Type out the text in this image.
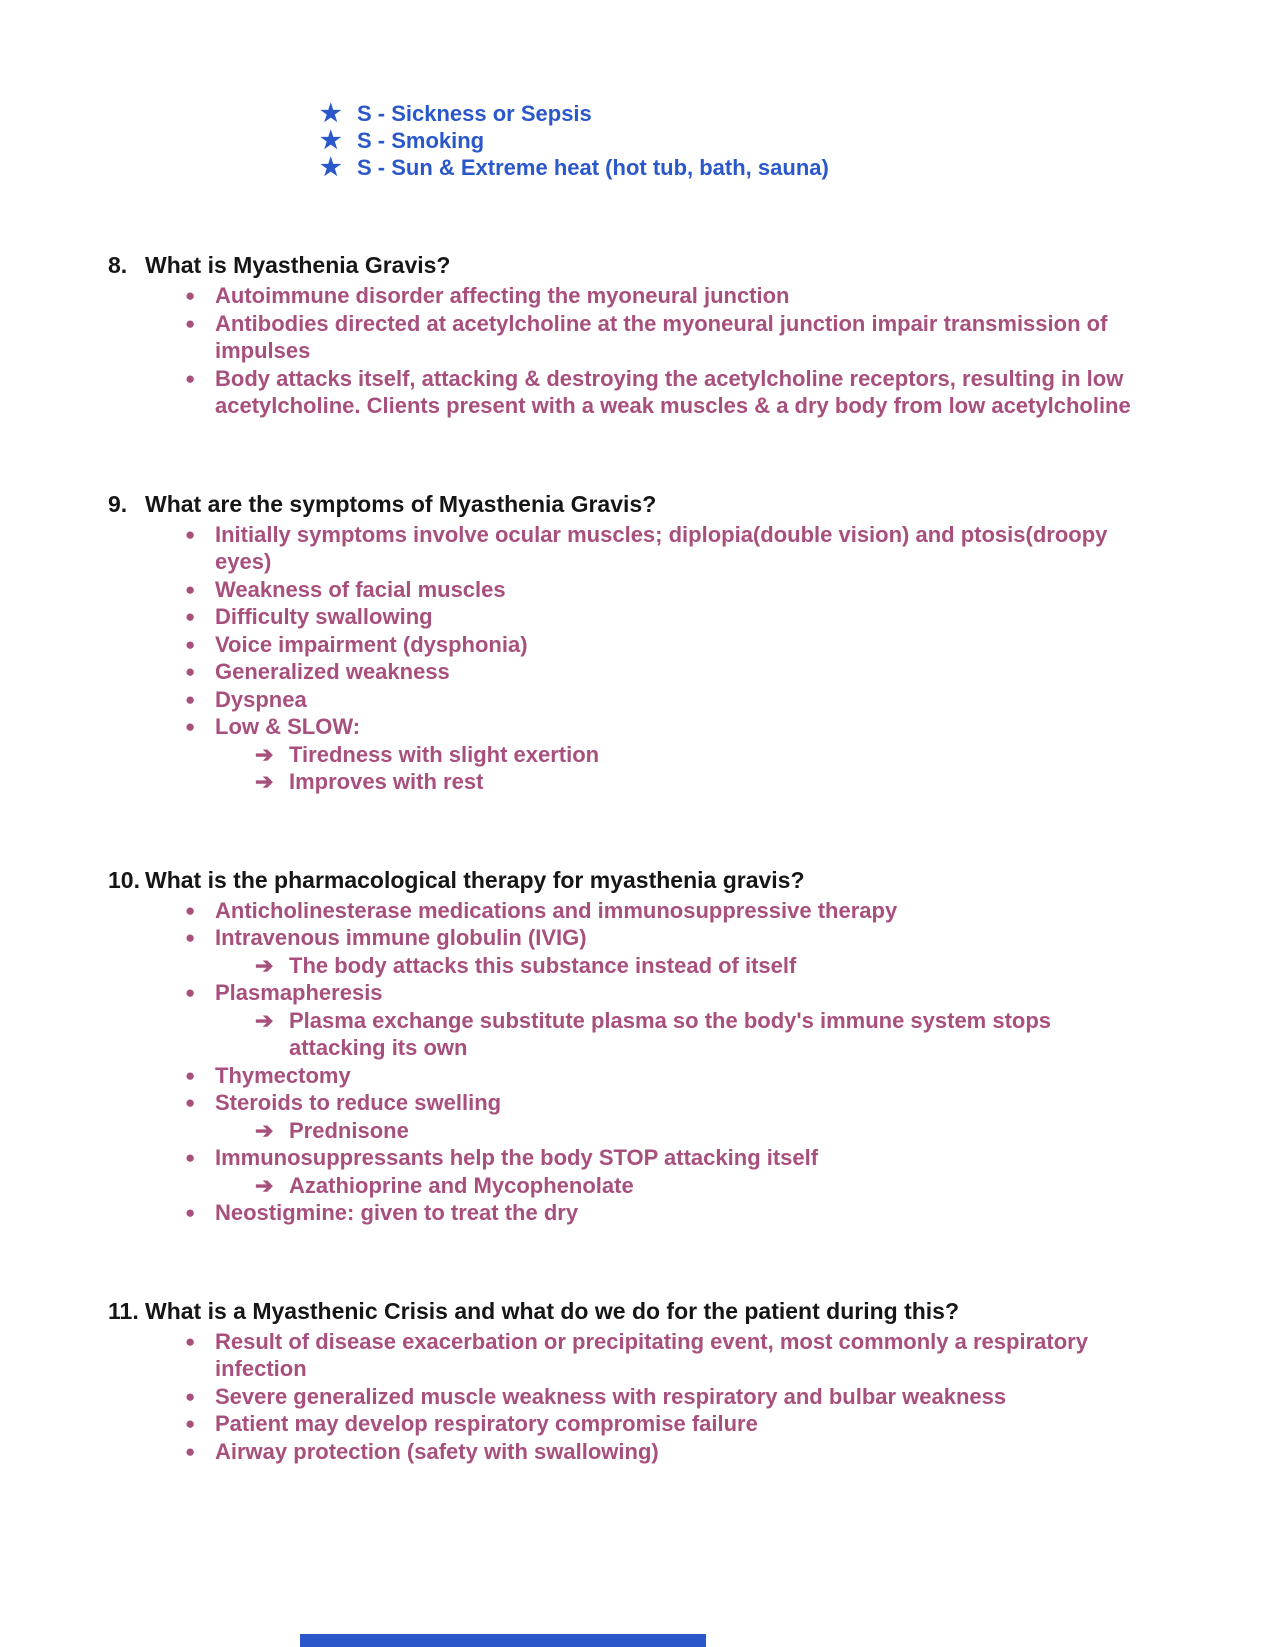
★ S - Sickness or Sepsis
★ S - Smoking
★ S - Sun & Extreme heat (hot tub, bath, sauna)
8. What is Myasthenia Gravis?
● Autoimmune disorder affecting the myoneural junction
● Antibodies directed at acetylcholine at the myoneural junction impair transmission of impulses
● Body attacks itself, attacking & destroying the acetylcholine receptors, resulting in low acetylcholine. Clients present with a weak muscles & a dry body from low acetylcholine
9. What are the symptoms of Myasthenia Gravis?
● Initially symptoms involve ocular muscles; diplopia(double vision) and ptosis(droopy eyes)
● Weakness of facial muscles
● Difficulty swallowing
● Voice impairment (dysphonia)
● Generalized weakness
● Dyspnea
● Low & SLOW:
➔ Tiredness with slight exertion
➔ Improves with rest
10. What is the pharmacological therapy for myasthenia gravis?
● Anticholinesterase medications and immunosuppressive therapy
● Intravenous immune globulin (IVIG)
➔ The body attacks this substance instead of itself
● Plasmapheresis
➔ Plasma exchange substitute plasma so the body's immune system stops attacking its own
● Thymectomy
● Steroids to reduce swelling
➔ Prednisone
● Immunosuppressants help the body STOP attacking itself
➔ Azathioprine and Mycophenolate
● Neostigmine: given to treat the dry
11. What is a Myasthenic Crisis and what do we do for the patient during this?
● Result of disease exacerbation or precipitating event, most commonly a respiratory infection
● Severe generalized muscle weakness with respiratory and bulbar weakness
● Patient may develop respiratory compromise failure
● Airway protection (safety with swallowing)
